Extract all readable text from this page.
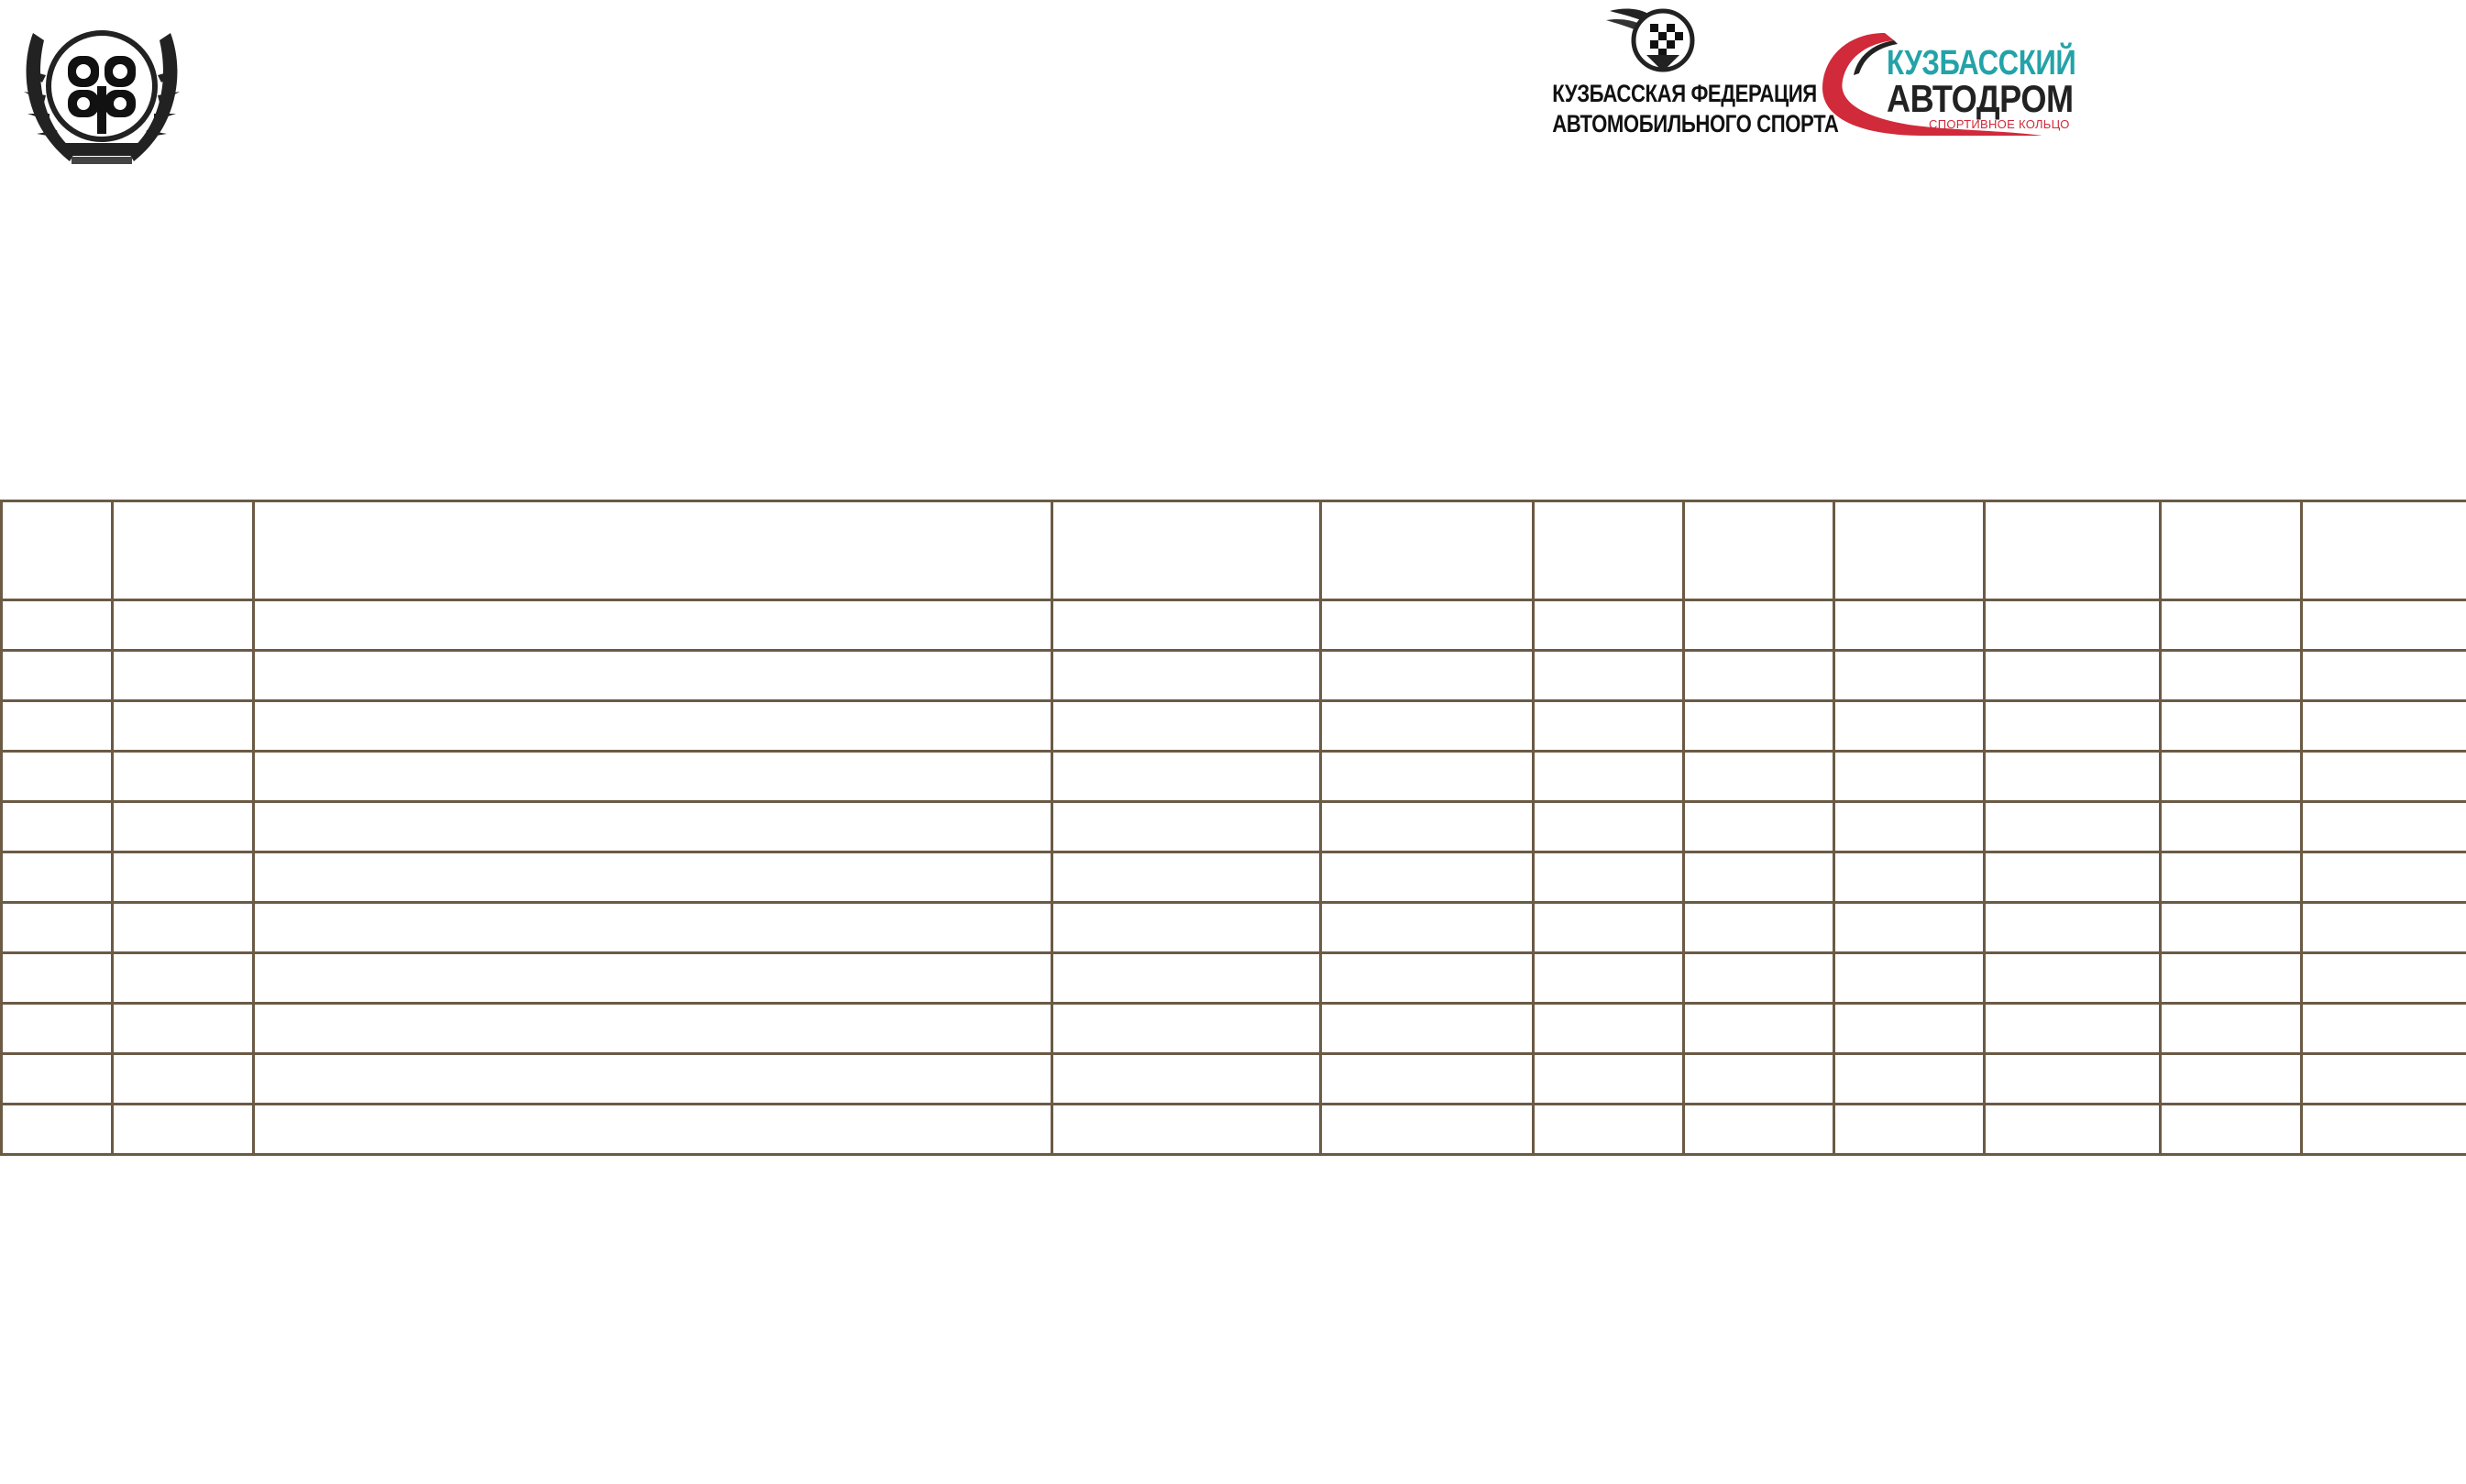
КУЗБАССКАЯ ФЕДЕРАЦИЯ
АВТОМОБИЛЬНОГО СПОРТА
КУЗБАССКИЙ
АВТОДРОМ
СПОРТИВНОЕ КОЛЬЦО
